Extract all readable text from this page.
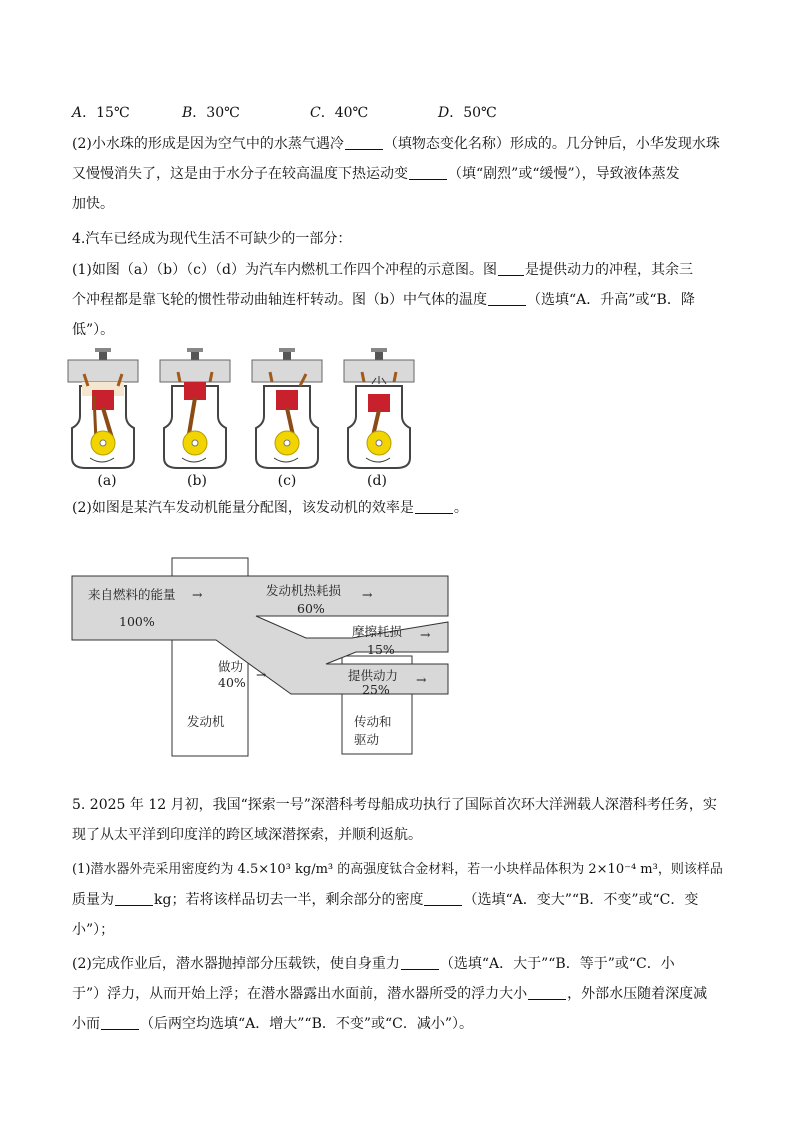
A．15℃	B．30℃	C．40℃	D．50℃
(2)小水珠的形成是因为空气中的水蒸气遇冷	（填物态变化名称）形成的。几分钟后，小华发现水珠
又慢慢消失了，这是由于水分子在较高温度下热运动变	（填“剧烈”或“缓慢”），导致液体蒸发
加快。
4.汽车已经成为现代生活不可缺少的一部分：
(1)如图（a）（b）（c）（d）为汽车内燃机工作四个冲程的示意图。图 是提供动力的冲程，其余三
个冲程都是靠飞轮的惯性带动曲轴连杆转动。图（b）中气体的温度	（选填“A．升高”或“B．降
低”）。
(a)	(b)	(c)	(d)
(2)如图是某汽车发动机能量分配图，该发动机的效率是	。
来自燃料的能量 →
100%
发动机热耗损 →
60%
摩擦耗损 →
15%
做功
→
40%	提供动力 →
25%
发动机	传动和
驱动
5. 2025 年 12 月初，我国“探索一号”深潜科考母船成功执行了国际首次环大洋洲载人深潜科考任务，实
现了从太平洋到印度洋的跨区域深潜探索，并顺利返航。
(1)潜水器外壳采用密度约为 4.5×10³ kg/m³ 的高强度钛合金材料，若一小块样品体积为 2×10⁻⁴ m³，则该样品
质量为	kg；若将该样品切去一半，剩余部分的密度	（选填“A．变大”“B．不变”或“C．变
小”）；
(2)完成作业后，潜水器抛掉部分压载铁，使自身重力	（选填“A．大于”“B．等于”或“C．小
于”）浮力，从而开始上浮；在潜水器露出水面前，潜水器所受的浮力大小	，外部水压随着深度减
小而	（后两空均选填“A．增大”“B．不变”或“C．减小”）。
